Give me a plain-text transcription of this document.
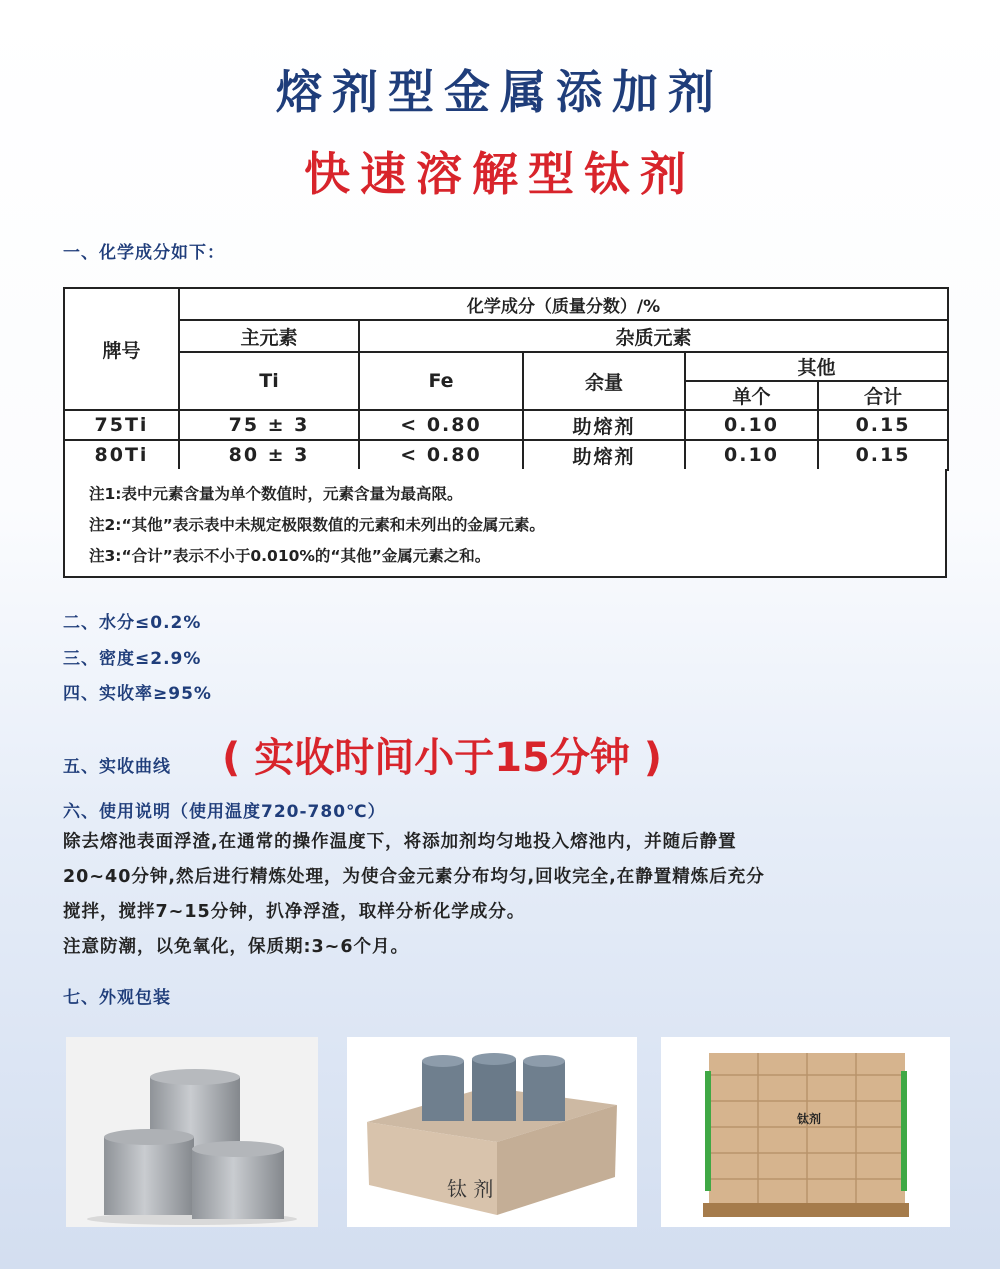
熔剂型金属添加剂
快速溶解型钛剂
一、化学成分如下：
牌号	化学成分（质量分数）/%				
	主元素	杂质元素			
	Ti	Fe	余量	其他	
				单个	合计
75Ti	75 ± 3	< 0.80	助熔剂	0.10	0.15
80Ti	80 ± 3	< 0.80	助熔剂	0.10	0.15
注1:表中元素含量为单个数值时，元素含量为最高限。
注2:“其他”表示表中未规定极限数值的元素和未列出的金属元素。
注3:“合计”表示不小于0.010%的“其他”金属元素之和。
二、水分≤0.2%
三、密度≤2.9%
四、实收率≥95%
五、实收曲线 ( 实收时间小于15分钟 )
六、使用说明（使用温度720-780℃）
除去熔池表面浮渣,在通常的操作温度下，将添加剂均匀地投入熔池内，并随后静置
20~40分钟,然后进行精炼处理，为使合金元素分布均匀,回收完全,在静置精炼后充分
搅拌，搅拌7~15分钟，扒净浮渣，取样分析化学成分。
注意防潮，以免氧化，保质期:3~6个月。
七、外观包装
钛 剂
钛剂
